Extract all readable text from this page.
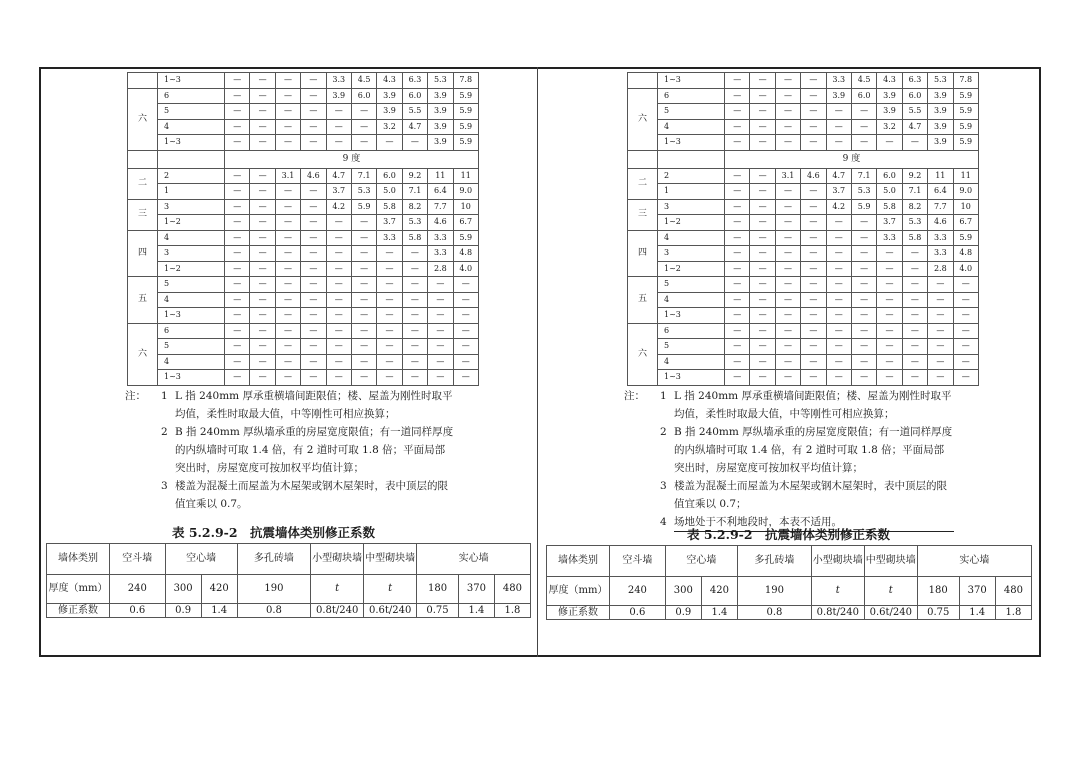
	1~3	—	—	—	—	3.3	4.5	4.3	6.3	5.3	7.8
六	6	—	—	—	—	3.9	6.0	3.9	6.0	3.9	5.9
	5	—	—	—	—	—	—	3.9	5.5	3.9	5.9
	4	—	—	—	—	—	—	3.2	4.7	3.9	5.9
	1~3	—	—	—	—	—	—	—	—	3.9	5.9
		9 度									
二	2	—	—	3.1	4.6	4.7	7.1	6.0	9.2	11	11
	1	—	—	—	—	3.7	5.3	5.0	7.1	6.4	9.0
三	3	—	—	—	—	4.2	5.9	5.8	8.2	7.7	10
	1~2	—	—	—	—	—	—	3.7	5.3	4.6	6.7
四	4	—	—	—	—	—	—	3.3	5.8	3.3	5.9
	3	—	—	—	—	—	—	—	—	3.3	4.8
	1~2	—	—	—	—	—	—	—	—	2.8	4.0
五	5	—	—	—	—	—	—	—	—	—	—
	4	—	—	—	—	—	—	—	—	—	—
	1~3	—	—	—	—	—	—	—	—	—	—
六	6	—	—	—	—	—	—	—	—	—	—
	5	—	—	—	—	—	—	—	—	—	—
	4	—	—	—	—	—	—	—	—	—	—
	1~3	—	—	—	—	—	—	—	—	—	—
注：	1 L 指 240mm 厚承重横墙间距限值；楼、屋盖为刚性时取平均值，柔性时取最大值，中等刚性可相应换算；
2 B 指 240mm 厚纵墙承重的房屋宽度限值；有一道同样厚度的内纵墙时可取 1.4 倍，有 2 道时可取 1.8 倍；平面局部突出时，房屋宽度可按加权平均值计算；
3 楼盖为混凝土而屋盖为木屋架或钢木屋架时，表中顶层的限值宜乘以 0.7。
表 5.2.9-2　抗震墙体类别修正系数
墙体类别	空斗墙	空心墙		多孔砖墙	小型砌块墙	中型砌块墙	实心墙		
厚度（mm）	240	300	420	190	t	t	180	370	480
修正系数	0.6	0.9	1.4	0.8	0.8t/240	0.6t/240	0.75	1.4	1.8
	1~3	—	—	—	—	3.3	4.5	4.3	6.3	5.3	7.8
六	6	—	—	—	—	3.9	6.0	3.9	6.0	3.9	5.9
	5	—	—	—	—	—	—	3.9	5.5	3.9	5.9
	4	—	—	—	—	—	—	3.2	4.7	3.9	5.9
	1~3	—	—	—	—	—	—	—	—	3.9	5.9
		9 度									
二	2	—	—	3.1	4.6	4.7	7.1	6.0	9.2	11	11
	1	—	—	—	—	3.7	5.3	5.0	7.1	6.4	9.0
三	3	—	—	—	—	4.2	5.9	5.8	8.2	7.7	10
	1~2	—	—	—	—	—	—	3.7	5.3	4.6	6.7
四	4	—	—	—	—	—	—	3.3	5.8	3.3	5.9
	3	—	—	—	—	—	—	—	—	3.3	4.8
	1~2	—	—	—	—	—	—	—	—	2.8	4.0
五	5	—	—	—	—	—	—	—	—	—	—
	4	—	—	—	—	—	—	—	—	—	—
	1~3	—	—	—	—	—	—	—	—	—	—
六	6	—	—	—	—	—	—	—	—	—	—
	5	—	—	—	—	—	—	—	—	—	—
	4	—	—	—	—	—	—	—	—	—	—
	1~3	—	—	—	—	—	—	—	—	—	—
注：	1 L 指 240mm 厚承重横墙间距限值；楼、屋盖为刚性时取平均值，柔性时取最大值，中等刚性可相应换算；
2 B 指 240mm 厚纵墙承重的房屋宽度限值；有一道同样厚度的内纵墙时可取 1.4 倍，有 2 道时可取 1.8 倍；平面局部突出时，房屋宽度可按加权平均值计算；
3 楼盖为混凝土而屋盖为木屋架或钢木屋架时，表中顶层的限值宜乘以 0.7；
4 场地处于不利地段时，本表不适用。
表 5.2.9-2　抗震墙体类别修正系数
墙体类别	空斗墙	空心墙		多孔砖墙	小型砌块墙	中型砌块墙	实心墙		
厚度（mm）	240	300	420	190	t	t	180	370	480
修正系数	0.6	0.9	1.4	0.8	0.8t/240	0.6t/240	0.75	1.4	1.8
